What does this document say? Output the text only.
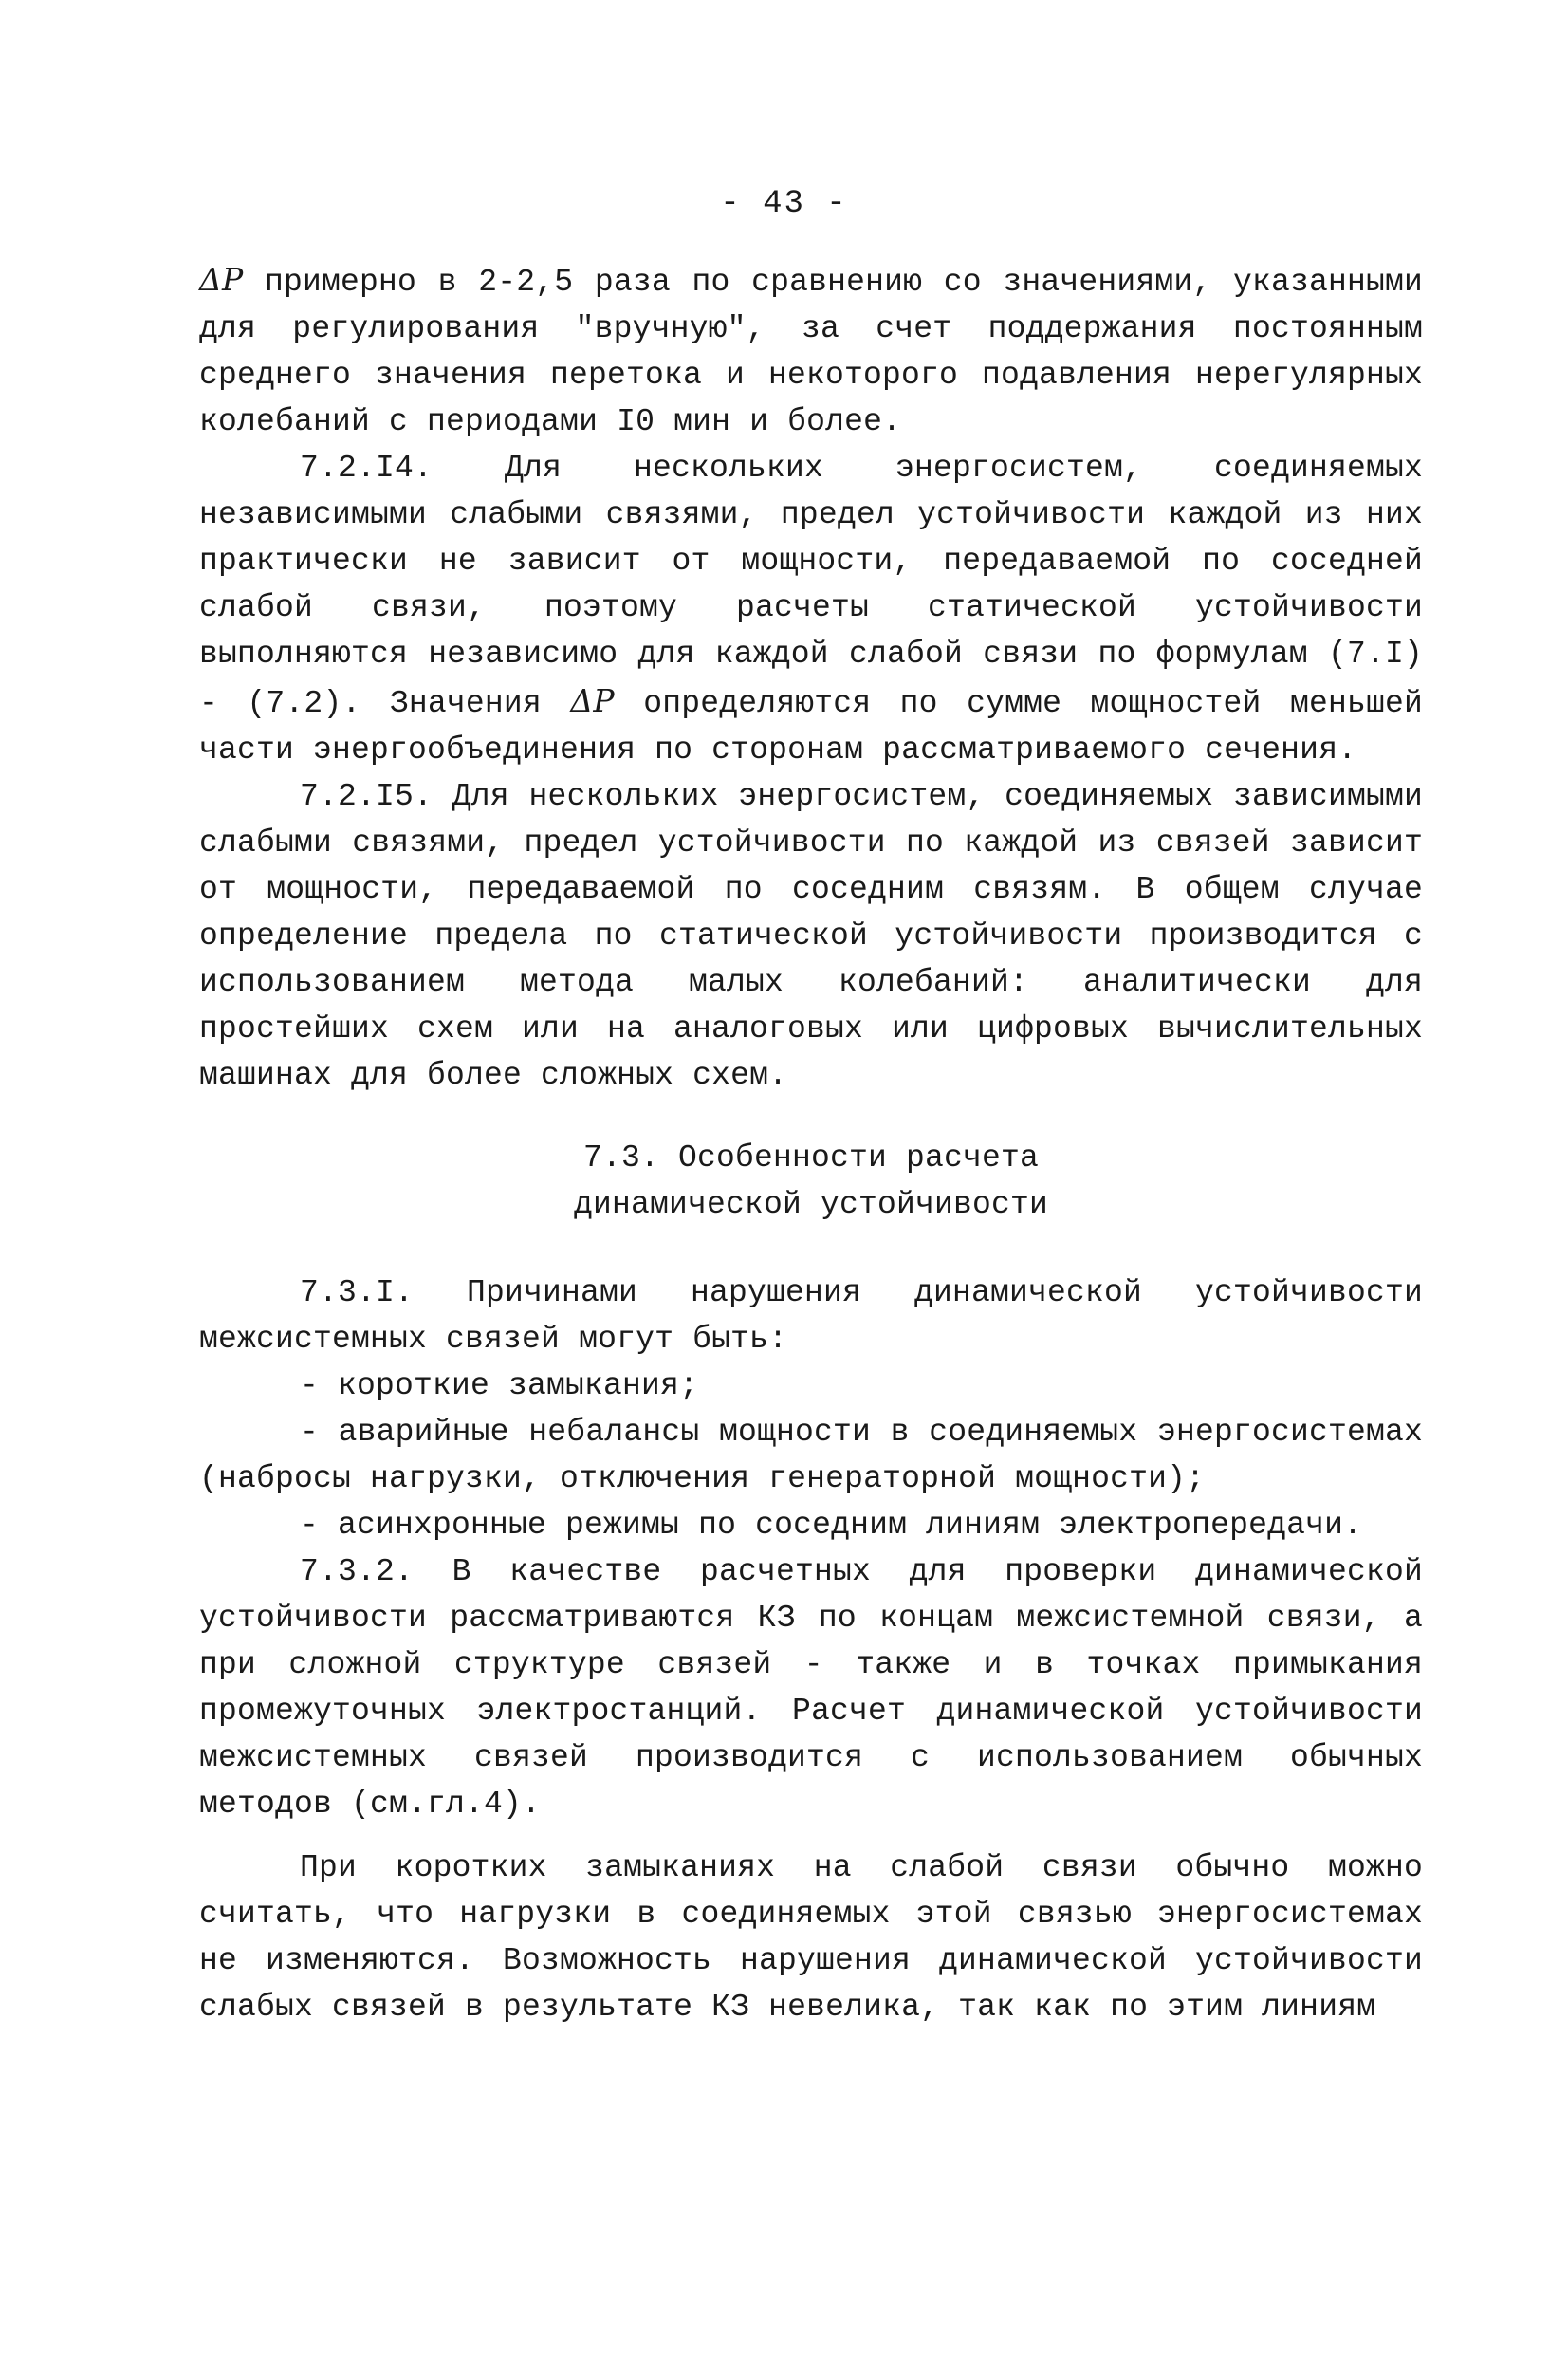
- 43 -

ΔP примерно в 2-2,5 раза по сравнению со значениями, указанными для регулирования "вручную", за счет поддержания постоянным среднего значения перетока и некоторого подавления нерегулярных колебаний с периодами I0 мин и более.

7.2.I4. Для нескольких энергосистем, соединяемых независимыми слабыми связями, предел устойчивости каждой из них практически не зависит от мощности, передаваемой по соседней слабой связи, поэтому расчеты статической устойчивости выполняются независимо для каждой слабой связи по формулам (7.I) - (7.2). Значения ΔP определяются по сумме мощностей меньшей части энергообъединения по сторонам рассматриваемого сечения.

7.2.I5. Для нескольких энергосистем, соединяемых зависимыми слабыми связями, предел устойчивости по каждой из связей зависит от мощности, передаваемой по соседним связям. В общем случае определение предела по статической устойчивости производится с использованием метода малых колебаний: аналитически для простейших схем или на аналоговых или цифровых вычислительных машинах для более сложных схем.

7.3. Особенности расчета
динамической устойчивости

7.3.I. Причинами нарушения динамической устойчивости межсистемных связей могут быть:

- короткие замыкания;

- аварийные небалансы мощности в соединяемых энергосистемах (набросы нагрузки, отключения генераторной мощности);

- асинхронные режимы по соседним линиям электропередачи.

7.3.2. В качестве расчетных для проверки динамической устойчивости рассматриваются КЗ по концам межсистемной связи, а при сложной структуре связей - также и в точках примыкания промежуточных электростанций. Расчет динамической устойчивости межсистемных связей производится с использованием обычных методов (см.гл.4).

При коротких замыканиях на слабой связи обычно можно считать, что нагрузки в соединяемых этой связью энергосистемах не изменяются. Возможность нарушения динамической устойчивости слабых связей в результате КЗ невелика, так как по этим линиям
